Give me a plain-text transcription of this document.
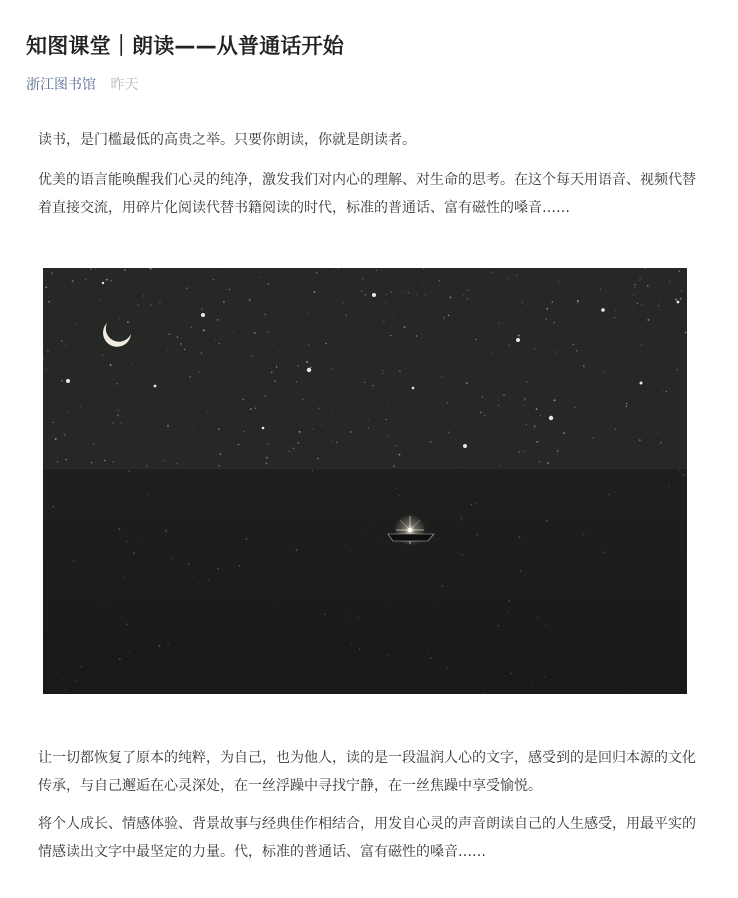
知图课堂｜朗读——从普通话开始
浙江图书馆 昨天

读书，是门槛最低的高贵之举。只要你朗读，你就是朗读者。

优美的语言能唤醒我们心灵的纯净，激发我们对内心的理解、对生命的思考。在这个每天用语音、视频代替着直接交流，用碎片化阅读代替书籍阅读的时代，标准的普通话、富有磁性的嗓音……

让一切都恢复了原本的纯粹，为自己，也为他人，读的是一段温润人心的文字，感受到的是回归本源的文化传承，与自己邂逅在心灵深处，在一丝浮躁中寻找宁静，在一丝焦躁中享受愉悦。

将个人成长、情感体验、背景故事与经典佳作相结合，用发自心灵的声音朗读自己的人生感受，用最平实的情感读出文字中最坚定的力量。代，标准的普通话、富有磁性的嗓音……
